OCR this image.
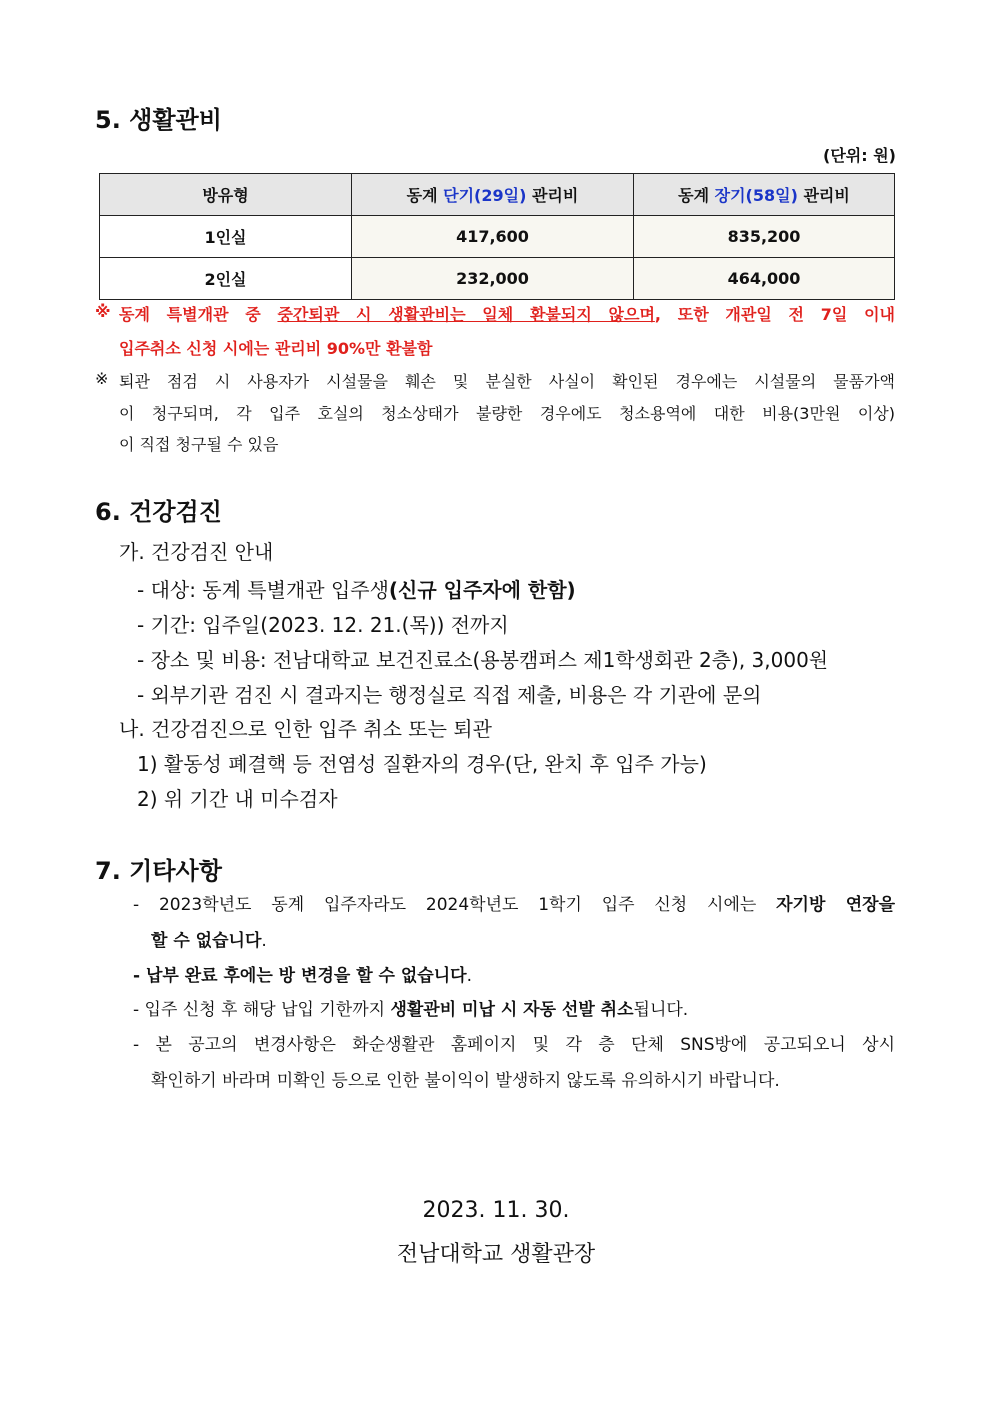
5. 생활관비
(단위: 원)
방유형	동계 단기(29일) 관리비	동계 장기(58일) 관리비
1인실	417,600	835,200
2인실	232,000	464,000
※ 동계 특별개관 중 중간퇴관 시 생활관비는 일체 환불되지 않으며, 또한 개관일 전 7일 이내
입주취소 신청 시에는 관리비 90%만 환불함
※ 퇴관 점검 시 사용자가 시설물을 훼손 및 분실한 사실이 확인된 경우에는 시설물의 물품가액
이 청구되며, 각 입주 호실의 청소상태가 불량한 경우에도 청소용역에 대한 비용(3만원 이상)
이 직접 청구될 수 있음
6. 건강검진
가. 건강검진 안내
- 대상: 동계 특별개관 입주생(신규 입주자에 한함)
- 기간: 입주일(2023. 12. 21.(목)) 전까지
- 장소 및 비용: 전남대학교 보건진료소(용봉캠퍼스 제1학생회관 2층), 3,000원
- 외부기관 검진 시 결과지는 행정실로 직접 제출, 비용은 각 기관에 문의
나. 건강검진으로 인한 입주 취소 또는 퇴관
1) 활동성 폐결핵 등 전염성 질환자의 경우(단, 완치 후 입주 가능)
2) 위 기간 내 미수검자
7. 기타사항
- 2023학년도 동계 입주자라도 2024학년도 1학기 입주 신청 시에는 자기방 연장을
할 수 없습니다.
- 납부 완료 후에는 방 변경을 할 수 없습니다.
- 입주 신청 후 해당 납입 기한까지 생활관비 미납 시 자동 선발 취소됩니다.
- 본 공고의 변경사항은 화순생활관 홈페이지 및 각 층 단체 SNS방에 공고되오니 상시
확인하기 바라며 미확인 등으로 인한 불이익이 발생하지 않도록 유의하시기 바랍니다.
2023. 11. 30.
전남대학교 생활관장
